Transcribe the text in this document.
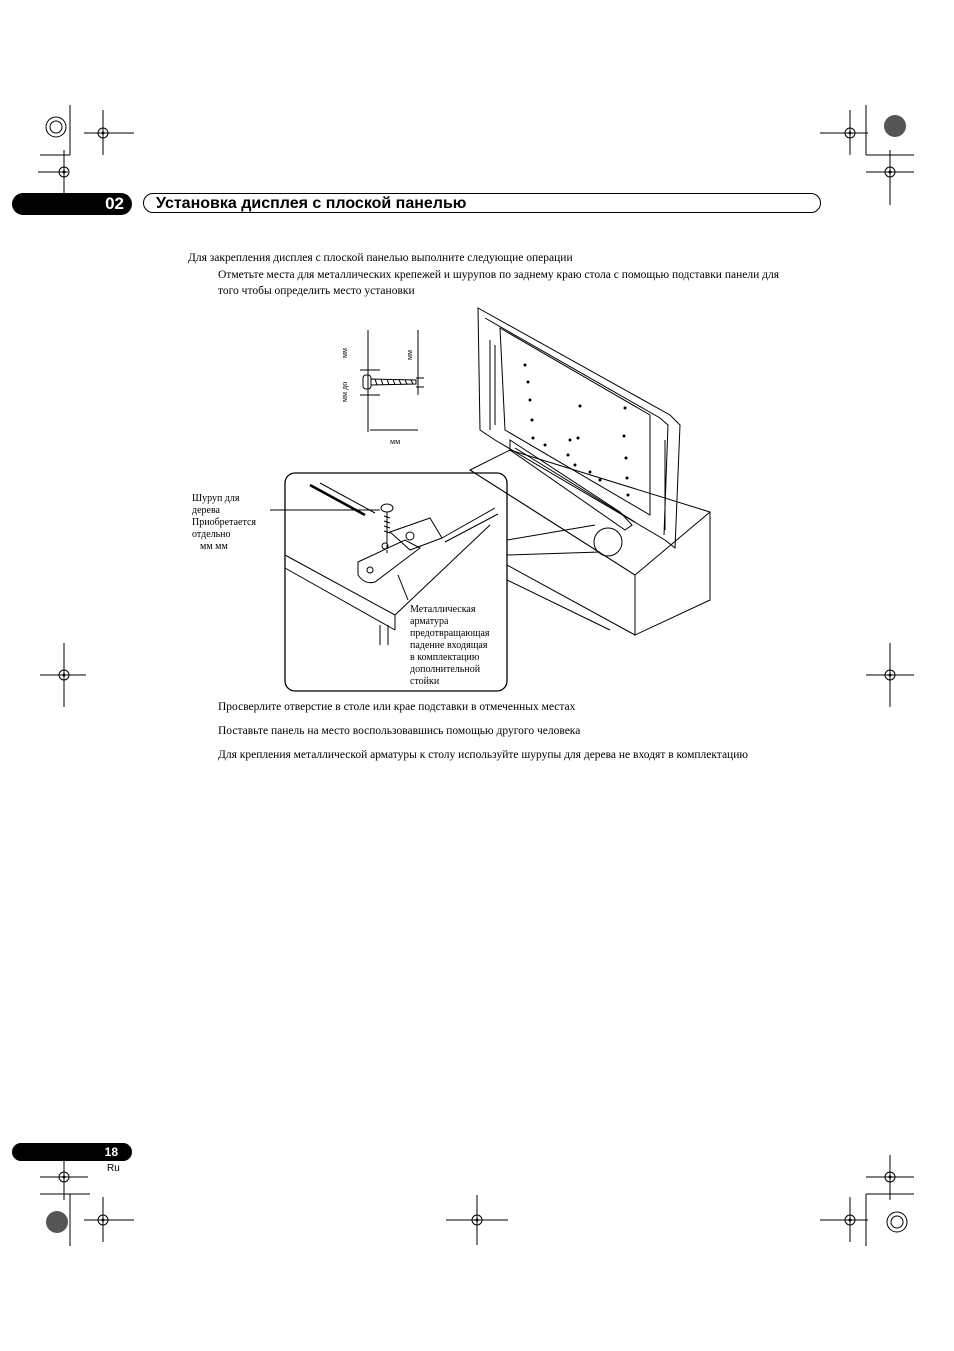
02	Установка дисплея с плоской панелью
Для закрепления дисплея с плоской панелью выполните следующие операции
Отметьте места для металлических крепежей и шурупов по заднему краю стола с помощью подставки панели для
того чтобы определить место установки
мм
мм до
мм
мм
Шуруп для
дерева
Приобретается
отдельно
мм мм
Металлическая
арматура
предотвращающая
падение входящая
в комплектацию
дополнительной
стойки
Просверлите отверстие в столе или крае подставки в отмеченных местах
Поставьте панель на место воспользовавшись помощью другого человека
Для крепления металлической арматуры к столу используйте шурупы для дерева не входят в комплектацию
18
Ru
